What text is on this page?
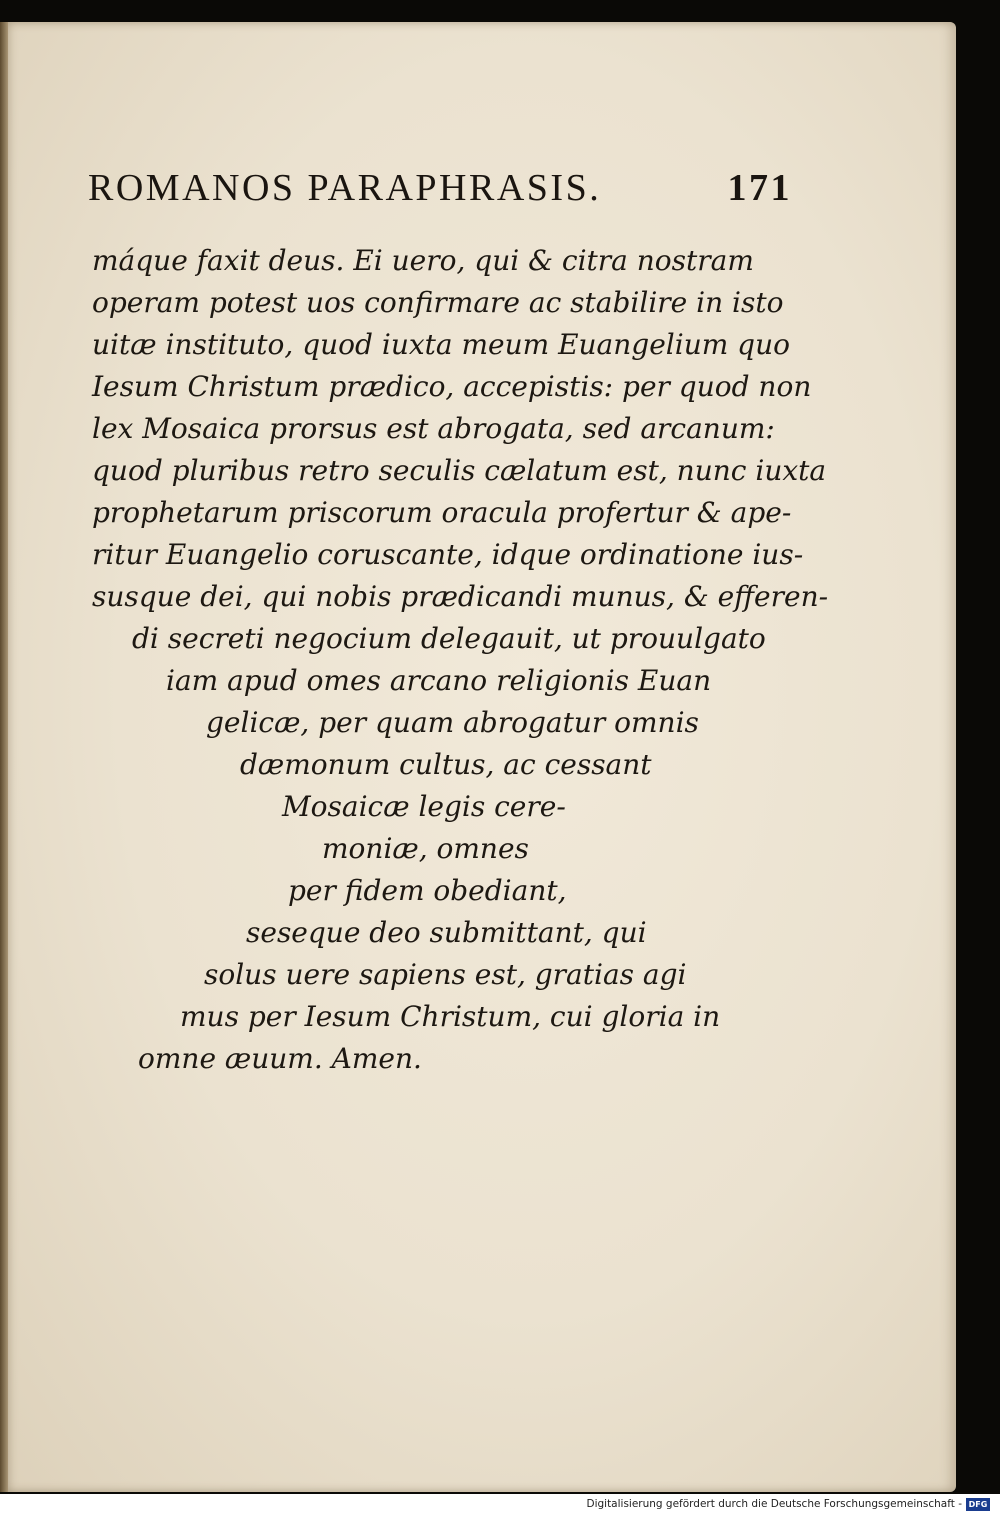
ROMANOS PARAPHRASIS.	171
máque faxit deus. Ei uero, qui & citra nostram
operam potest uos confirmare ac stabilire in isto
uitæ instituto, quod iuxta meum Euangelium quo
Iesum Christum prædico, accepistis: per quod non
lex Mosaica prorsus est abrogata, sed arcanum:
quod pluribus retro seculis cælatum est, nunc iuxta
prophetarum priscorum oracula profertur & ape-
ritur Euangelio coruscante, idque ordinatione ius-
susque dei, qui nobis prædicandi munus, & efferen-
di secreti negocium delegauit, ut prouulgato
iam apud omes arcano religionis Euan
gelicæ, per quam abrogatur omnis
dæmonum cultus, ac cessant
Mosaicæ legis cere-
moniæ, omnes
per fidem obediant,
seseque deo submittant, qui
solus uere sapiens est, gratias agi
mus per Iesum Christum, cui gloria in
omne æuum. Amen.
Digitalisierung gefördert durch die Deutsche Forschungsgemeinschaft - DFG
